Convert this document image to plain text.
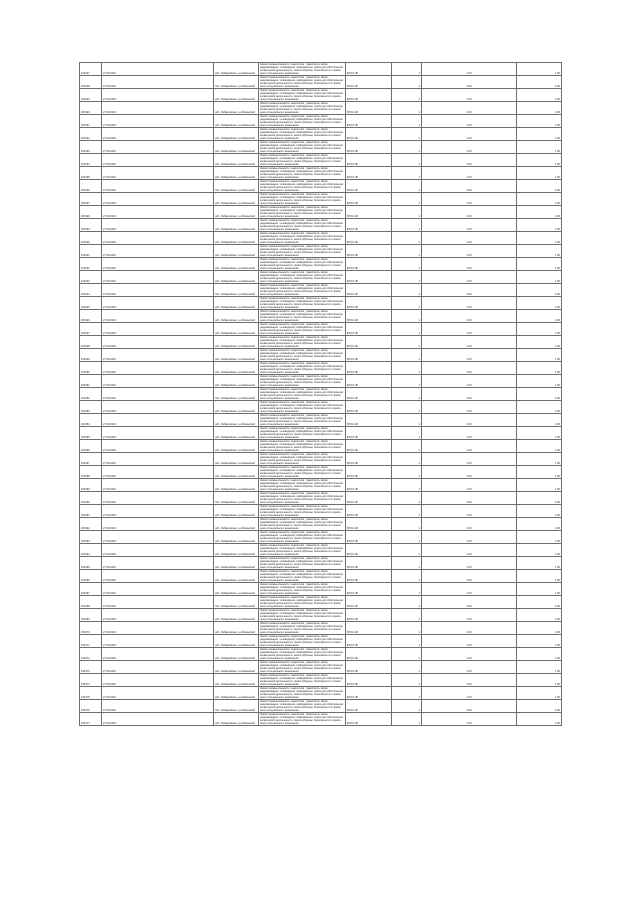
106127	27:20:0410	обл. Хабаровская, р-н Бикинский	Земли промышленности, энергетики, транспорта, связи, радиовещания, телевидения, информатики, земли для обеспечения космической деятельности, земли обороны, безопасности и земли иного специального назначения	ВЛ 10 кВ	1	1,00	1,00
106128	27:20:0410	обл. Хабаровская, р-н Бикинский	Земли промышленности, энергетики, транспорта, связи, радиовещания, телевидения, информатики, земли для обеспечения космической деятельности, земли обороны, безопасности и земли иного специального назначения	ВЛ 10 кВ	1	1,00	1,00
106129	27:20:0410	обл. Хабаровская, р-н Бикинский	Земли промышленности, энергетики, транспорта, связи, радиовещания, телевидения, информатики, земли для обеспечения космической деятельности, земли обороны, безопасности и земли иного специального назначения	ВЛ 10 кВ	1	1,00	1,00
106130	27:20:0410	обл. Хабаровская, р-н Бикинский	Земли промышленности, энергетики, транспорта, связи, радиовещания, телевидения, информатики, земли для обеспечения космической деятельности, земли обороны, безопасности и земли иного специального назначения	ВЛ 10 кВ	1	1,00	1,00
106131	27:20:0410	обл. Хабаровская, р-н Бикинский	Земли промышленности, энергетики, транспорта, связи, радиовещания, телевидения, информатики, земли для обеспечения космической деятельности, земли обороны, безопасности и земли иного специального назначения	ВЛ 10 кВ	1	1,00	1,00
106132	27:20:0410	обл. Хабаровская, р-н Бикинский	Земли промышленности, энергетики, транспорта, связи, радиовещания, телевидения, информатики, земли для обеспечения космической деятельности, земли обороны, безопасности и земли иного специального назначения	ВЛ 10 кВ	1	1,00	1,00
106133	27:20:0410	обл. Хабаровская, р-н Бикинский	Земли промышленности, энергетики, транспорта, связи, радиовещания, телевидения, информатики, земли для обеспечения космической деятельности, земли обороны, безопасности и земли иного специального назначения	ВЛ 10 кВ	1	1,00	1,00
106134	27:20:0410	обл. Хабаровская, р-н Бикинский	Земли промышленности, энергетики, транспорта, связи, радиовещания, телевидения, информатики, земли для обеспечения космической деятельности, земли обороны, безопасности и земли иного специального назначения	ВЛ 10 кВ	1	1,00	1,00
106135	27:20:0410	обл. Хабаровская, р-н Бикинский	Земли промышленности, энергетики, транспорта, связи, радиовещания, телевидения, информатики, земли для обеспечения космической деятельности, земли обороны, безопасности и земли иного специального назначения	ВЛ 10 кВ	1	1,00	1,00
106136	27:20:0410	обл. Хабаровская, р-н Бикинский	Земли промышленности, энергетики, транспорта, связи, радиовещания, телевидения, информатики, земли для обеспечения космической деятельности, земли обороны, безопасности и земли иного специального назначения	ВЛ 10 кВ	1	1,00	1,00
106137	27:20:0410	обл. Хабаровская, р-н Бикинский	Земли промышленности, энергетики, транспорта, связи, радиовещания, телевидения, информатики, земли для обеспечения космической деятельности, земли обороны, безопасности и земли иного специального назначения	ВЛ 10 кВ	1	1,00	1,00
106138	27:20:0410	обл. Хабаровская, р-н Бикинский	Земли промышленности, энергетики, транспорта, связи, радиовещания, телевидения, информатики, земли для обеспечения космической деятельности, земли обороны, безопасности и земли иного специального назначения	ВЛ 10 кВ	1	1,00	1,00
106139	27:20:0410	обл. Хабаровская, р-н Бикинский	Земли промышленности, энергетики, транспорта, связи, радиовещания, телевидения, информатики, земли для обеспечения космической деятельности, земли обороны, безопасности и земли иного специального назначения	ВЛ 10 кВ	1	1,00	1,00
106140	27:20:0410	обл. Хабаровская, р-н Бикинский	Земли промышленности, энергетики, транспорта, связи, радиовещания, телевидения, информатики, земли для обеспечения космической деятельности, земли обороны, безопасности и земли иного специального назначения	ВЛ 10 кВ	1	1,00	1,00
106141	27:20:0410	обл. Хабаровская, р-н Бикинский	Земли промышленности, энергетики, транспорта, связи, радиовещания, телевидения, информатики, земли для обеспечения космической деятельности, земли обороны, безопасности и земли иного специального назначения	ВЛ 10 кВ	1	1,00	1,00
106142	27:20:0410	обл. Хабаровская, р-н Бикинский	Земли промышленности, энергетики, транспорта, связи, радиовещания, телевидения, информатики, земли для обеспечения космической деятельности, земли обороны, безопасности и земли иного специального назначения	ВЛ 10 кВ	1	1,00	1,00
106143	27:20:0410	обл. Хабаровская, р-н Бикинский	Земли промышленности, энергетики, транспорта, связи, радиовещания, телевидения, информатики, земли для обеспечения космической деятельности, земли обороны, безопасности и земли иного специального назначения	ВЛ 10 кВ	1	1,00	1,00
106144	27:20:0410	обл. Хабаровская, р-н Бикинский	Земли промышленности, энергетики, транспорта, связи, радиовещания, телевидения, информатики, земли для обеспечения космической деятельности, земли обороны, безопасности и земли иного специального назначения	ВЛ 10 кВ	1	1,00	1,00
106145	27:20:0410	обл. Хабаровская, р-н Бикинский	Земли промышленности, энергетики, транспорта, связи, радиовещания, телевидения, информатики, земли для обеспечения космической деятельности, земли обороны, безопасности и земли иного специального назначения	ВЛ 10 кВ	1	1,00	1,00
106146	27:20:0410	обл. Хабаровская, р-н Бикинский	Земли промышленности, энергетики, транспорта, связи, радиовещания, телевидения, информатики, земли для обеспечения космической деятельности, земли обороны, безопасности и земли иного специального назначения	ВЛ 10 кВ	1	1,00	1,00
106147	27:20:0410	обл. Хабаровская, р-н Бикинский	Земли промышленности, энергетики, транспорта, связи, радиовещания, телевидения, информатики, земли для обеспечения космической деятельности, земли обороны, безопасности и земли иного специального назначения	ВЛ 10 кВ	1	1,00	1,00
106148	27:20:0410	обл. Хабаровская, р-н Бикинский	Земли промышленности, энергетики, транспорта, связи, радиовещания, телевидения, информатики, земли для обеспечения космической деятельности, земли обороны, безопасности и земли иного специального назначения	ВЛ 10 кВ	1	1,00	1,00
106149	27:20:0410	обл. Хабаровская, р-н Бикинский	Земли промышленности, энергетики, транспорта, связи, радиовещания, телевидения, информатики, земли для обеспечения космической деятельности, земли обороны, безопасности и земли иного специального назначения	ВЛ 10 кВ	1	1,00	1,00
106150	27:20:0410	обл. Хабаровская, р-н Бикинский	Земли промышленности, энергетики, транспорта, связи, радиовещания, телевидения, информатики, земли для обеспечения космической деятельности, земли обороны, безопасности и земли иного специального назначения	ВЛ 10 кВ	1	1,00	1,00
106151	27:20:0410	обл. Хабаровская, р-н Бикинский	Земли промышленности, энергетики, транспорта, связи, радиовещания, телевидения, информатики, земли для обеспечения космической деятельности, земли обороны, безопасности и земли иного специального назначения	ВЛ 10 кВ	1	1,00	1,00
106152	27:20:0410	обл. Хабаровская, р-н Бикинский	Земли промышленности, энергетики, транспорта, связи, радиовещания, телевидения, информатики, земли для обеспечения космической деятельности, земли обороны, безопасности и земли иного специального назначения	ВЛ 10 кВ	1	1,00	1,00
106153	27:20:0410	обл. Хабаровская, р-н Бикинский	Земли промышленности, энергетики, транспорта, связи, радиовещания, телевидения, информатики, земли для обеспечения космической деятельности, земли обороны, безопасности и земли иного специального назначения	ВЛ 10 кВ	1	1,00	1,00
106154	27:20:0410	обл. Хабаровская, р-н Бикинский	Земли промышленности, энергетики, транспорта, связи, радиовещания, телевидения, информатики, земли для обеспечения космической деятельности, земли обороны, безопасности и земли иного специального назначения	ВЛ 10 кВ	1	1,00	1,00
106155	27:20:0410	обл. Хабаровская, р-н Бикинский	Земли промышленности, энергетики, транспорта, связи, радиовещания, телевидения, информатики, земли для обеспечения космической деятельности, земли обороны, безопасности и земли иного специального назначения	ВЛ 10 кВ	1	1,00	1,00
106156	27:20:0410	обл. Хабаровская, р-н Бикинский	Земли промышленности, энергетики, транспорта, связи, радиовещания, телевидения, информатики, земли для обеспечения космической деятельности, земли обороны, безопасности и земли иного специального назначения	ВЛ 10 кВ	1	1,00	1,00
106157	27:20:0410	обл. Хабаровская, р-н Бикинский	Земли промышленности, энергетики, транспорта, связи, радиовещания, телевидения, информатики, земли для обеспечения космической деятельности, земли обороны, безопасности и земли иного специального назначения	ВЛ 10 кВ	1	1,00	1,00
106158	27:20:0410	обл. Хабаровская, р-н Бикинский	Земли промышленности, энергетики, транспорта, связи, радиовещания, телевидения, информатики, земли для обеспечения космической деятельности, земли обороны, безопасности и земли иного специального назначения	ВЛ 10 кВ	1	1,00	1,00
106159	27:20:0410	обл. Хабаровская, р-н Бикинский	Земли промышленности, энергетики, транспорта, связи, радиовещания, телевидения, информатики, земли для обеспечения космической деятельности, земли обороны, безопасности и земли иного специального назначения	ВЛ 10 кВ	1	1,00	1,00
106160	27:20:0410	обл. Хабаровская, р-н Бикинский	Земли промышленности, энергетики, транспорта, связи, радиовещания, телевидения, информатики, земли для обеспечения космической деятельности, земли обороны, безопасности и земли иного специального назначения	ВЛ 10 кВ	1	1,00	1,00
106161	27:20:0410	обл. Хабаровская, р-н Бикинский	Земли промышленности, энергетики, транспорта, связи, радиовещания, телевидения, информатики, земли для обеспечения космической деятельности, земли обороны, безопасности и земли иного специального назначения	ВЛ 10 кВ	1	1,00	1,00
106162	27:20:0410	обл. Хабаровская, р-н Бикинский	Земли промышленности, энергетики, транспорта, связи, радиовещания, телевидения, информатики, земли для обеспечения космической деятельности, земли обороны, безопасности и земли иного специального назначения	ВЛ 10 кВ	1	1,00	1,00
106163	27:20:0410	обл. Хабаровская, р-н Бикинский	Земли промышленности, энергетики, транспорта, связи, радиовещания, телевидения, информатики, земли для обеспечения космической деятельности, земли обороны, безопасности и земли иного специального назначения	ВЛ 10 кВ	1	1,00	1,00
106164	27:20:0410	обл. Хабаровская, р-н Бикинский	Земли промышленности, энергетики, транспорта, связи, радиовещания, телевидения, информатики, земли для обеспечения космической деятельности, земли обороны, безопасности и земли иного специального назначения	ВЛ 10 кВ	1	1,00	1,00
106165	27:20:0410	обл. Хабаровская, р-н Бикинский	Земли промышленности, энергетики, транспорта, связи, радиовещания, телевидения, информатики, земли для обеспечения космической деятельности, земли обороны, безопасности и земли иного специального назначения	ВЛ 10 кВ	1	1,00	1,00
106166	27:20:0410	обл. Хабаровская, р-н Бикинский	Земли промышленности, энергетики, транспорта, связи, радиовещания, телевидения, информатики, земли для обеспечения космической деятельности, земли обороны, безопасности и земли иного специального назначения	ВЛ 10 кВ	1	1,00	1,00
106167	27:20:0410	обл. Хабаровская, р-н Бикинский	Земли промышленности, энергетики, транспорта, связи, радиовещания, телевидения, информатики, земли для обеспечения космической деятельности, земли обороны, безопасности и земли иного специального назначения	ВЛ 10 кВ	1	1,00	1,00
106168	27:20:0410	обл. Хабаровская, р-н Бикинский	Земли промышленности, энергетики, транспорта, связи, радиовещания, телевидения, информатики, земли для обеспечения космической деятельности, земли обороны, безопасности и земли иного специального назначения	ВЛ 10 кВ	1	1,00	1,00
106169	27:20:0410	обл. Хабаровская, р-н Бикинский	Земли промышленности, энергетики, транспорта, связи, радиовещания, телевидения, информатики, земли для обеспечения космической деятельности, земли обороны, безопасности и земли иного специального назначения	ВЛ 10 кВ	1	1,00	1,00
106170	27:20:0410	обл. Хабаровская, р-н Бикинский	Земли промышленности, энергетики, транспорта, связи, радиовещания, телевидения, информатики, земли для обеспечения космической деятельности, земли обороны, безопасности и земли иного специального назначения	ВЛ 10 кВ	1	1,00	1,00
106171	27:20:0410	обл. Хабаровская, р-н Бикинский	Земли промышленности, энергетики, транспорта, связи, радиовещания, телевидения, информатики, земли для обеспечения космической деятельности, земли обороны, безопасности и земли иного специального назначения	ВЛ 10 кВ	1	1,00	1,00
106172	27:20:0410	обл. Хабаровская, р-н Бикинский	Земли промышленности, энергетики, транспорта, связи, радиовещания, телевидения, информатики, земли для обеспечения космической деятельности, земли обороны, безопасности и земли иного специального назначения	ВЛ 10 кВ	1	1,00	1,00
106173	27:20:0410	обл. Хабаровская, р-н Бикинский	Земли промышленности, энергетики, транспорта, связи, радиовещания, телевидения, информатики, земли для обеспечения космической деятельности, земли обороны, безопасности и земли иного специального назначения	ВЛ 10 кВ	1	1,00	1,00
106174	27:20:0410	обл. Хабаровская, р-н Бикинский	Земли промышленности, энергетики, транспорта, связи, радиовещания, телевидения, информатики, земли для обеспечения космической деятельности, земли обороны, безопасности и земли иного специального назначения	ВЛ 10 кВ	1	1,00	1,00
106175	27:20:0410	обл. Хабаровская, р-н Бикинский	Земли промышленности, энергетики, транспорта, связи, радиовещания, телевидения, информатики, земли для обеспечения космической деятельности, земли обороны, безопасности и земли иного специального назначения	ВЛ 10 кВ	1	1,00	1,00
106176	27:20:0410	обл. Хабаровская, р-н Бикинский	Земли промышленности, энергетики, транспорта, связи, радиовещания, телевидения, информатики, земли для обеспечения космической деятельности, земли обороны, безопасности и земли иного специального назначения	ВЛ 10 кВ	1	1,00	1,00
106177	27:20:0410	обл. Хабаровская, р-н Бикинский	Земли промышленности, энергетики, транспорта, связи, радиовещания, телевидения, информатики, земли для обеспечения космической деятельности, земли обороны, безопасности и земли иного специального назначения	ВЛ 10 кВ	1	1,00	1,00
